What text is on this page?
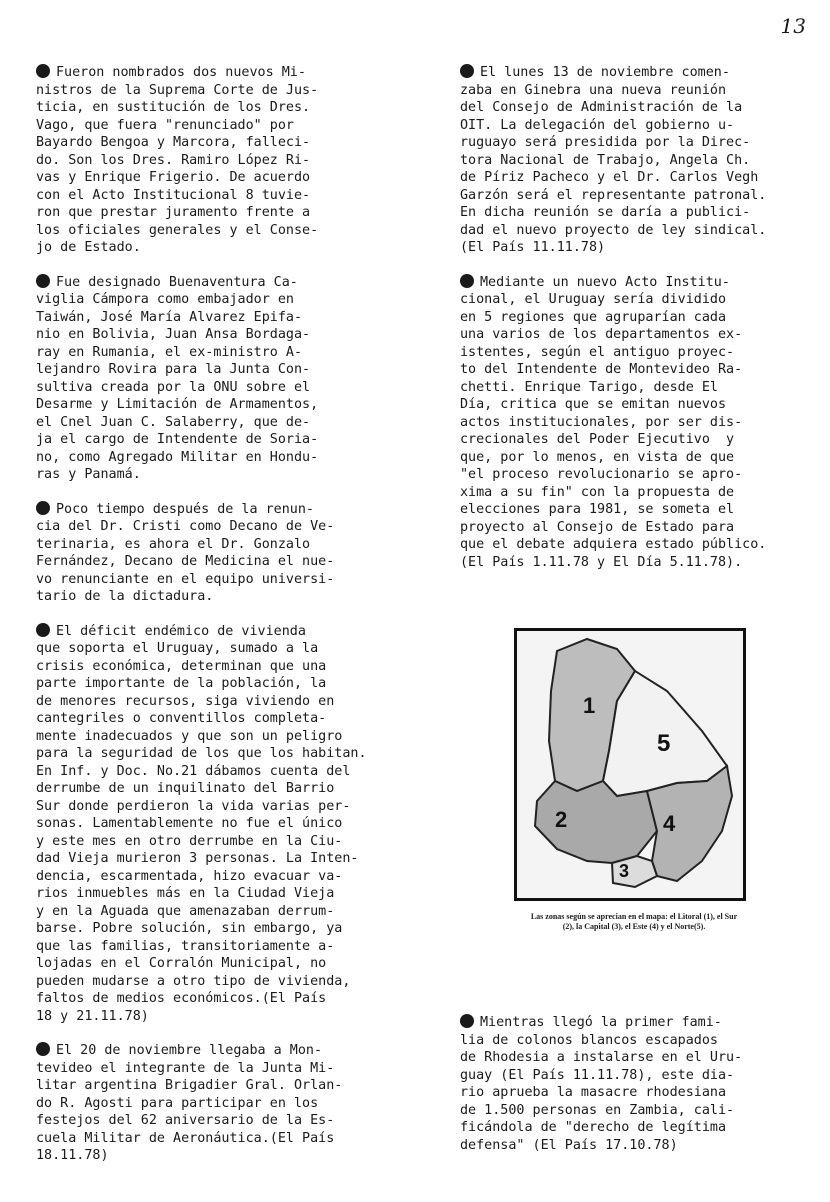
13
Fueron nombrados dos nuevos Mi-
nistros de la Suprema Corte de Jus-
ticia, en sustitución de los Dres.
Vago, que fuera "renunciado" por
Bayardo Bengoa y Marcora, falleci-
do. Son los Dres. Ramiro López Ri-
vas y Enrique Frigerio. De acuerdo
con el Acto Institucional 8 tuvie-
ron que prestar juramento frente a
los oficiales generales y el Conse-
jo de Estado.
Fue designado Buenaventura Ca-
viglia Cámpora como embajador en
Taiwán, José María Alvarez Epifa-
nio en Bolivia, Juan Ansa Bordaga-
ray en Rumania, el ex-ministro A-
lejandro Rovira para la Junta Con-
sultiva creada por la ONU sobre el
Desarme y Limitación de Armamentos,
el Cnel Juan C. Salaberry, que de-
ja el cargo de Intendente de Soria-
no, como Agregado Militar en Hondu-
ras y Panamá.
Poco tiempo después de la renun-
cia del Dr. Cristi como Decano de Ve-
terinaria, es ahora el Dr. Gonzalo
Fernández, Decano de Medicina el nue-
vo renunciante en el equipo universi-
tario de la dictadura.
El déficit endémico de vivienda
que soporta el Uruguay, sumado a la
crisis económica, determinan que una
parte importante de la población, la
de menores recursos, siga viviendo en
cantegriles o conventillos completa-
mente inadecuados y que son un peligro
para la seguridad de los que los habitan.
En Inf. y Doc. No.21 dábamos cuenta del
derrumbe de un inquilinato del Barrio
Sur donde perdieron la vida varias per-
sonas. Lamentablemente no fue el único
y este mes en otro derrumbe en la Ciu-
dad Vieja murieron 3 personas. La Inten-
dencia, escarmentada, hizo evacuar va-
rios inmuebles más en la Ciudad Vieja
y en la Aguada que amenazaban derrum-
barse. Pobre solución, sin embargo, ya
que las familias, transitoriamente a-
lojadas en el Corralón Municipal, no
pueden mudarse a otro tipo de vivienda,
faltos de medios económicos.(El País
18 y 21.11.78)
El 20 de noviembre llegaba a Mon-
tevideo el integrante de la Junta Mi-
litar argentina Brigadier Gral. Orlan-
do R. Agosti para participar en los
festejos del 62 aniversario de la Es-
cuela Militar de Aeronáutica.(El País
18.11.78)
El lunes 13 de noviembre comen-
zaba en Ginebra una nueva reunión
del Consejo de Administración de la
OIT. La delegación del gobierno u-
ruguayo será presidida por la Direc-
tora Nacional de Trabajo, Angela Ch.
de Píriz Pacheco y el Dr. Carlos Vegh
Garzón será el representante patronal.
En dicha reunión se daría a publici-
dad el nuevo proyecto de ley sindical.
(El País 11.11.78)
Mediante un nuevo Acto Institu-
cional, el Uruguay sería dividido
en 5 regiones que agruparían cada
una varios de los departamentos ex-
istentes, según el antiguo proyec-
to del Intendente de Montevideo Ra-
chetti. Enrique Tarigo, desde El
Día, critica que se emitan nuevos
actos institucionales, por ser dis-
crecionales del Poder Ejecutivo  y
que, por lo menos, en vista de que
"el proceso revolucionario se apro-
xima a su fin" con la propuesta de
elecciones para 1981, se someta el
proyecto al Consejo de Estado para
que el debate adquiera estado público.
(El País 1.11.78 y El Día 5.11.78).
1
5
2	4
3
Las zonas según se aprecian en el mapa: el Litoral (1), el Sur
(2), la Capital (3), el Este (4) y el Norte(5).
Mientras llegó la primer fami-
lia de colonos blancos escapados
de Rhodesia a instalarse en el Uru-
guay (El País 11.11.78), este dia-
rio aprueba la masacre rhodesiana
de 1.500 personas en Zambia, cali-
ficándola de "derecho de legítima
defensa" (El País 17.10.78)
